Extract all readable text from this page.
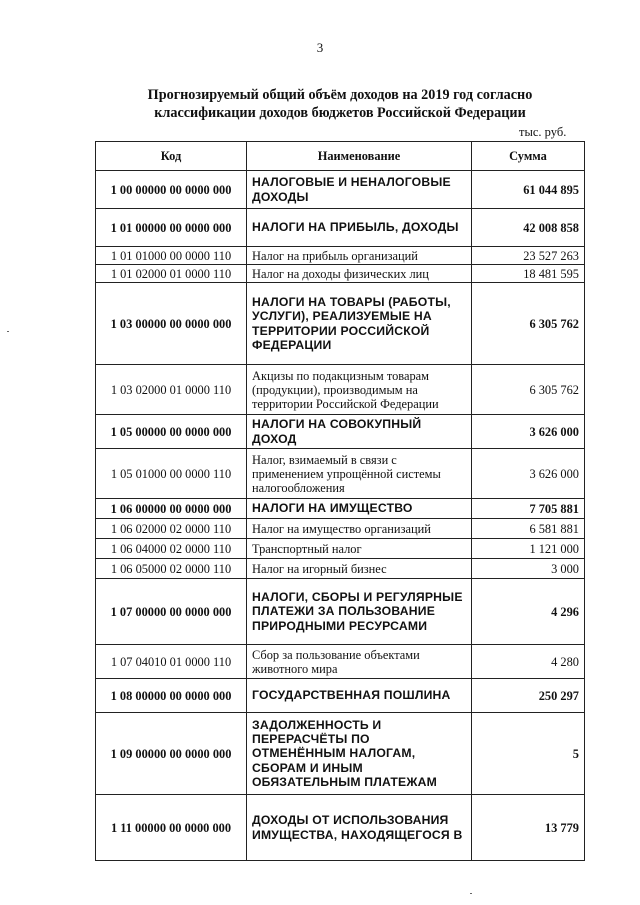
3
Прогнозируемый общий объём доходов на 2019 год согласно
классификации доходов бюджетов Российской Федерации
тыс. руб.
Код	Наименование	Сумма
1 00 00000 00 0000 000	НАЛОГОВЫЕ И НЕНАЛОГОВЫЕ ДОХОДЫ	61 044 895
1 01 00000 00 0000 000	НАЛОГИ НА ПРИБЫЛЬ, ДОХОДЫ	42 008 858
1 01 01000 00 0000 110	Налог на прибыль организаций	23 527 263
1 01 02000 01 0000 110	Налог на доходы физических лиц	18 481 595
1 03 00000 00 0000 000	НАЛОГИ НА ТОВАРЫ (РАБОТЫ, УСЛУГИ), РЕАЛИЗУЕМЫЕ НА ТЕРРИТОРИИ РОССИЙСКОЙ ФЕДЕРАЦИИ	6 305 762
1 03 02000 01 0000 110	Акцизы по подакцизным товарам (продукции), производимым на территории Российской Федерации	6 305 762
1 05 00000 00 0000 000	НАЛОГИ НА СОВОКУПНЫЙ ДОХОД	3 626 000
1 05 01000 00 0000 110	Налог, взимаемый в связи с применением упрощённой системы налогообложения	3 626 000
1 06 00000 00 0000 000	НАЛОГИ НА ИМУЩЕСТВО	7 705 881
1 06 02000 02 0000 110	Налог на имущество организаций	6 581 881
1 06 04000 02 0000 110	Транспортный налог	1 121 000
1 06 05000 02 0000 110	Налог на игорный бизнес	3 000
1 07 00000 00 0000 000	НАЛОГИ, СБОРЫ И РЕГУЛЯРНЫЕ ПЛАТЕЖИ ЗА ПОЛЬЗОВАНИЕ ПРИРОДНЫМИ РЕСУРСАМИ	4 296
1 07 04010 01 0000 110	Сбор за пользование объектами животного мира	4 280
1 08 00000 00 0000 000	ГОСУДАРСТВЕННАЯ ПОШЛИНА	250 297
1 09 00000 00 0000 000	ЗАДОЛЖЕННОСТЬ И ПЕРЕРАСЧЁТЫ ПО ОТМЕНЁННЫМ НАЛОГАМ, СБОРАМ И ИНЫМ ОБЯЗАТЕЛЬНЫМ ПЛАТЕЖАМ	5
1 11 00000 00 0000 000	ДОХОДЫ ОТ ИСПОЛЬЗОВАНИЯ ИМУЩЕСТВА, НАХОДЯЩЕГОСЯ В	13 779
